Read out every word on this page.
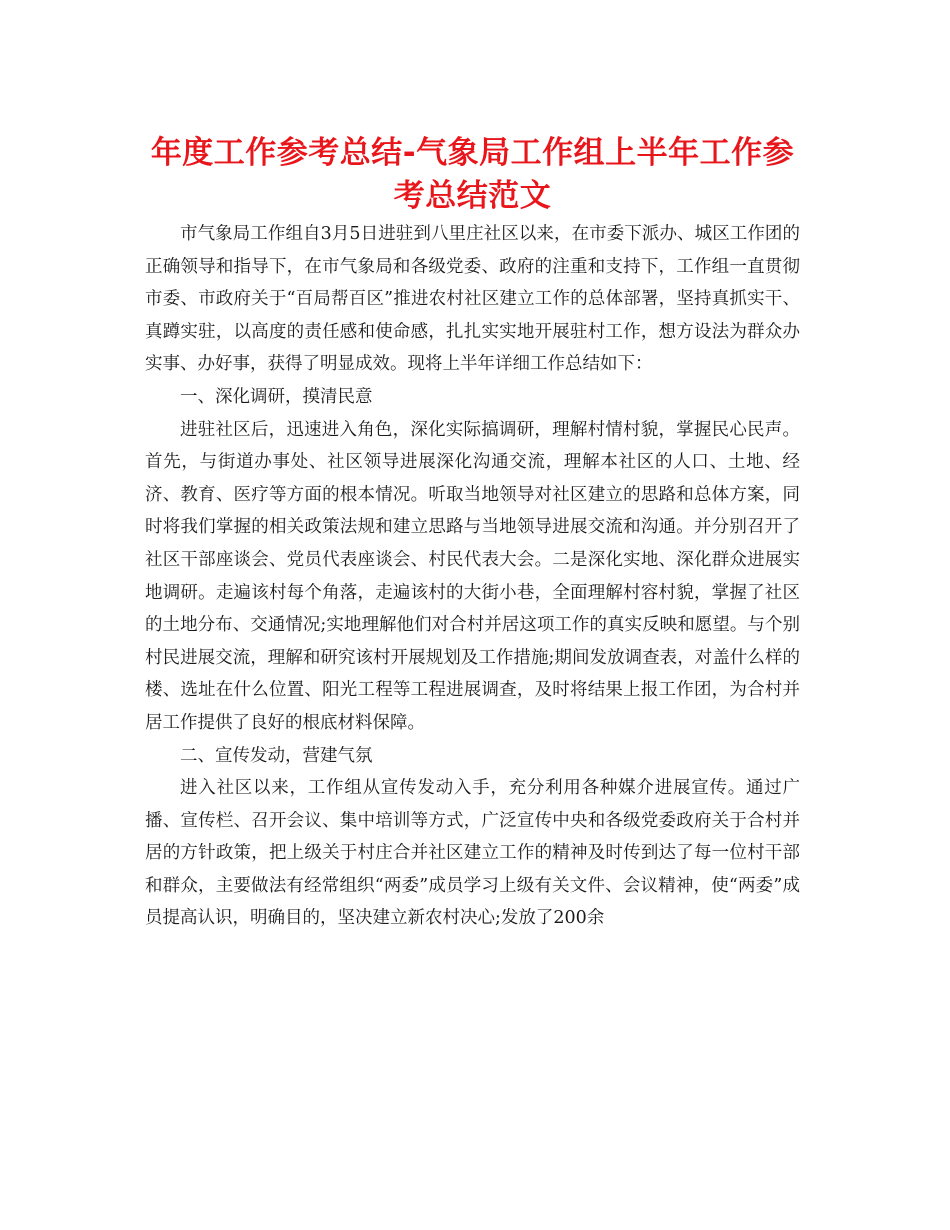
年度工作参考总结-气象局工作组上半年工作参
考总结范文

市气象局工作组自3月5日进驻到八里庄社区以来，在市委下派办、城区工作团的正确领导和指导下，在市气象局和各级党委、政府的注重和支持下，工作组一直贯彻市委、市政府关于“百局帮百区”推进农村社区建立工作的总体部署，坚持真抓实干、真蹲实驻，以高度的责任感和使命感，扎扎实实地开展驻村工作，想方设法为群众办实事、办好事，获得了明显成效。现将上半年详细工作总结如下：

一、深化调研，摸清民意

进驻社区后，迅速进入角色，深化实际搞调研，理解村情村貌，掌握民心民声。首先，与街道办事处、社区领导进展深化沟通交流，理解本社区的人口、土地、经济、教育、医疗等方面的根本情况。听取当地领导对社区建立的思路和总体方案，同时将我们掌握的相关政策法规和建立思路与当地领导进展交流和沟通。并分别召开了社区干部座谈会、党员代表座谈会、村民代表大会。二是深化实地、深化群众进展实地调研。走遍该村每个角落，走遍该村的大街小巷，全面理解村容村貌，掌握了社区的土地分布、交通情况;实地理解他们对合村并居这项工作的真实反映和愿望。与个别村民进展交流，理解和研究该村开展规划及工作措施;期间发放调查表，对盖什么样的楼、选址在什么位置、阳光工程等工程进展调查，及时将结果上报工作团，为合村并居工作提供了良好的根底材料保障。

二、宣传发动，营建气氛

进入社区以来，工作组从宣传发动入手，充分利用各种媒介进展宣传。通过广播、宣传栏、召开会议、集中培训等方式，广泛宣传中央和各级党委政府关于合村并居的方针政策，把上级关于村庄合并社区建立工作的精神及时传到达了每一位村干部和群众，主要做法有经常组织“两委”成员学习上级有关文件、会议精神，使“两委”成员提高认识，明确目的，坚决建立新农村决心;发放了200余
